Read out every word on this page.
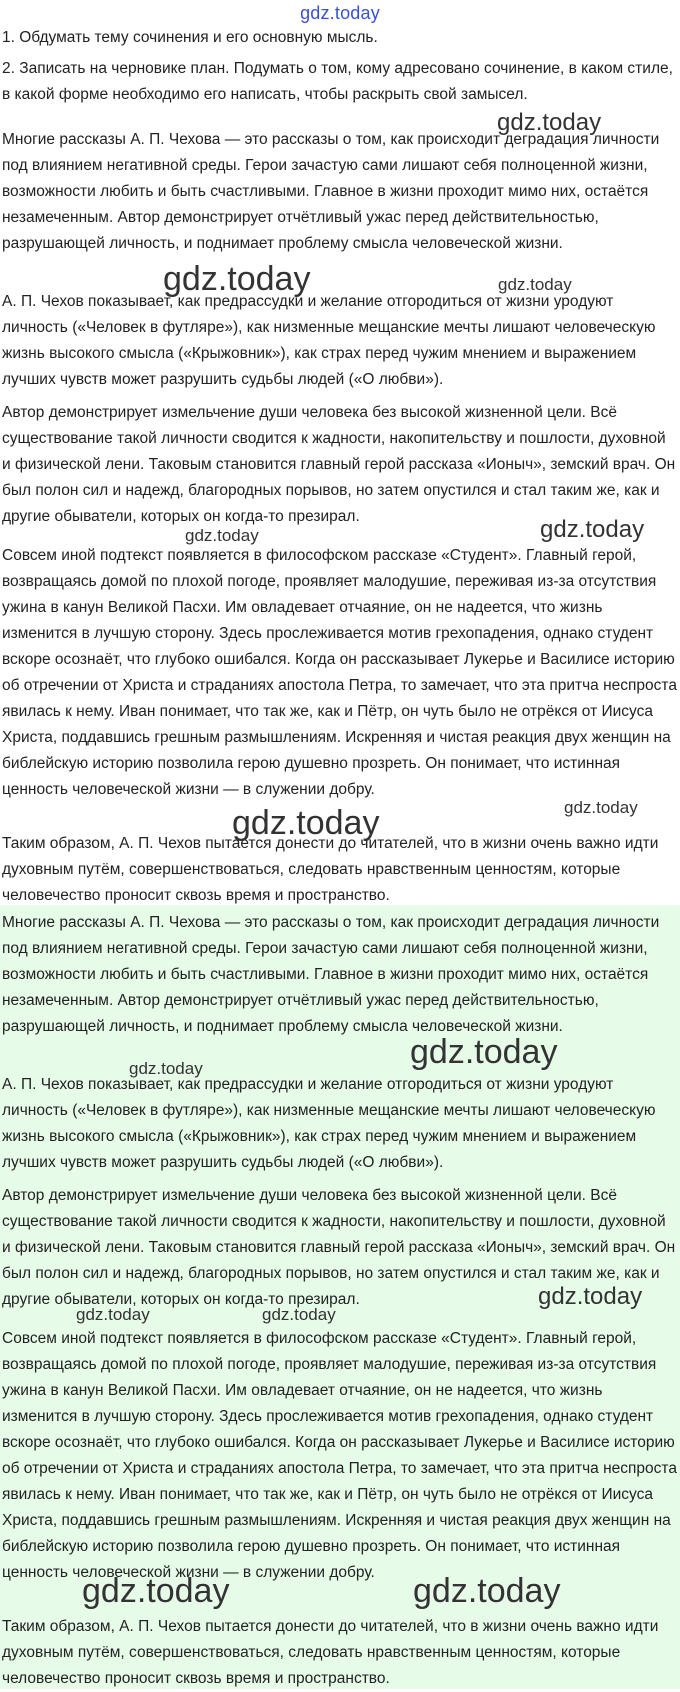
gdz.today

1. Обдумать тему сочинения и его основную мысль.

2. Записать на черновике план. Подумать о том, кому адресовано сочинение, в каком стиле, в какой форме необходимо его написать, чтобы раскрыть свой замысел.

Многие рассказы А. П. Чехова — это рассказы о том, как происходит деградация личности под влиянием негативной среды. Герои зачастую сами лишают себя полноценной жизни, возможности любить и быть счастливыми. Главное в жизни проходит мимо них, остаётся незамеченным. Автор демонстрирует отчётливый ужас перед действительностью, разрушающей личность, и поднимает проблему смысла человеческой жизни.

А. П. Чехов показывает, как предрассудки и желание отгородиться от жизни уродуют личность («Человек в футляре»), как низменные мещанские мечты лишают человеческую жизнь высокого смысла («Крыжовник»), как страх перед чужим мнением и выражением лучших чувств может разрушить судьбы людей («О любви»).

Автор демонстрирует измельчение души человека без высокой жизненной цели. Всё существование такой личности сводится к жадности, накопительству и пошлости, духовной и физической лени. Таковым становится главный герой рассказа «Ионыч», земский врач. Он был полон сил и надежд, благородных порывов, но затем опустился и стал таким же, как и другие обыватели, которых он когда-то презирал.

Совсем иной подтекст появляется в философском рассказе «Студент». Главный герой, возвращаясь домой по плохой погоде, проявляет малодушие, переживая из-за отсутствия ужина в канун Великой Пасхи. Им овладевает отчаяние, он не надеется, что жизнь изменится в лучшую сторону. Здесь прослеживается мотив грехопадения, однако студент вскоре осознаёт, что глубоко ошибался. Когда он рассказывает Лукерье и Василисе историю об отречении от Христа и страданиях апостола Петра, то замечает, что эта притча неспроста явилась к нему. Иван понимает, что так же, как и Пётр, он чуть было не отрёкся от Иисуса Христа, поддавшись грешным размышлениям. Искренняя и чистая реакция двух женщин на библейскую историю позволила герою душевно прозреть. Он понимает, что истинная ценность человеческой жизни — в служении добру.

Таким образом, А. П. Чехов пытается донести до читателей, что в жизни очень важно идти духовным путём, совершенствоваться, следовать нравственным ценностям, которые человечество проносит сквозь время и пространство.

Многие рассказы А. П. Чехова — это рассказы о том, как происходит деградация личности под влиянием негативной среды. Герои зачастую сами лишают себя полноценной жизни, возможности любить и быть счастливыми. Главное в жизни проходит мимо них, остаётся незамеченным. Автор демонстрирует отчётливый ужас перед действительностью, разрушающей личность, и поднимает проблему смысла человеческой жизни.

А. П. Чехов показывает, как предрассудки и желание отгородиться от жизни уродуют личность («Человек в футляре»), как низменные мещанские мечты лишают человеческую жизнь высокого смысла («Крыжовник»), как страх перед чужим мнением и выражением лучших чувств может разрушить судьбы людей («О любви»).

Автор демонстрирует измельчение души человека без высокой жизненной цели. Всё существование такой личности сводится к жадности, накопительству и пошлости, духовной и физической лени. Таковым становится главный герой рассказа «Ионыч», земский врач. Он был полон сил и надежд, благородных порывов, но затем опустился и стал таким же, как и другие обыватели, которых он когда-то презирал.

Совсем иной подтекст появляется в философском рассказе «Студент». Главный герой, возвращаясь домой по плохой погоде, проявляет малодушие, переживая из-за отсутствия ужина в канун Великой Пасхи. Им овладевает отчаяние, он не надеется, что жизнь изменится в лучшую сторону. Здесь прослеживается мотив грехопадения, однако студент вскоре осознаёт, что глубоко ошибался. Когда он рассказывает Лукерье и Василисе историю об отречении от Христа и страданиях апостола Петра, то замечает, что эта притча неспроста явилась к нему. Иван понимает, что так же, как и Пётр, он чуть было не отрёкся от Иисуса Христа, поддавшись грешным размышлениям. Искренняя и чистая реакция двух женщин на библейскую историю позволила герою душевно прозреть. Он понимает, что истинная ценность человеческой жизни — в служении добру.

Таким образом, А. П. Чехов пытается донести до читателей, что в жизни очень важно идти духовным путём, совершенствоваться, следовать нравственным ценностям, которые человечество проносит сквозь время и пространство.

gdz.today
gdz.today	gdz.today
gdz.today
gdz.today
gdz.today	gdz.today
gdz.today
gdz.today
gdz.today
gdz.today	gdz.today
gdz.today	gdz.today
